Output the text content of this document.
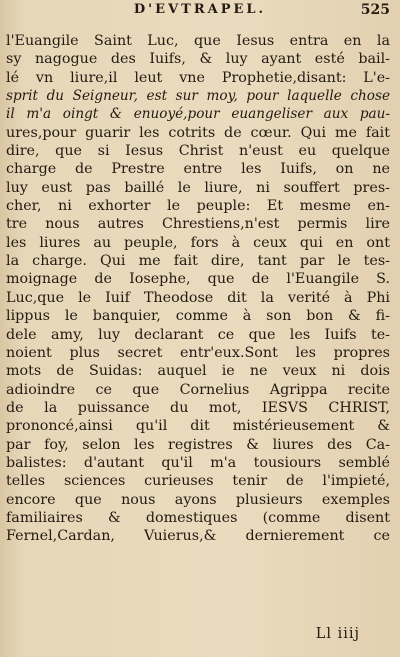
D'EVTRAPEL.	525
l'Euangile Saint Luc, que Iesus entra en la
sy nagogue des Iuifs, & luy ayant esté bail-
lé vn liure,il leut vne Prophetie,disant: L'e-
sprit du Seigneur, est sur moy, pour laquelle chose
il m'a oingt & enuoyé,pour euangeliser aux pau-
ures,pour guarir les cotrits de cœur. Qui me fait
dire, que si Iesus Christ n'eust eu quelque
charge de Prestre entre les Iuifs, on ne
luy eust pas baillé le liure, ni souffert pres-
cher, ni exhorter le peuple: Et mesme en-
tre nous autres Chrestiens,n'est permis lire
les liures au peuple, fors à ceux qui en ont
la charge. Qui me fait dire, tant par le tes-
moignage de Iosephe, que de l'Euangile S.
Luc,que le Iuif Theodose dit la verité à Phi
lippus le banquier, comme à son bon & fi-
dele amy, luy declarant ce que les Iuifs te-
noient plus secret entr'eux.Sont les propres
mots de Suidas: auquel ie ne veux ni dois
adioindre ce que Cornelius Agrippa recite
de la puissance du mot, IESVS CHRIST,
prononcé,ainsi qu'il dit mistérieusement &
par foy, selon les registres & liures des Ca-
balistes: d'autant qu'il m'a tousiours semblé
telles sciences curieuses tenir de l'impieté,
encore que nous ayons plusieurs exemples
familiaires & domestiques (comme disent
Fernel,Cardan, Vuierus,& dernierement ce
Ll iiij
